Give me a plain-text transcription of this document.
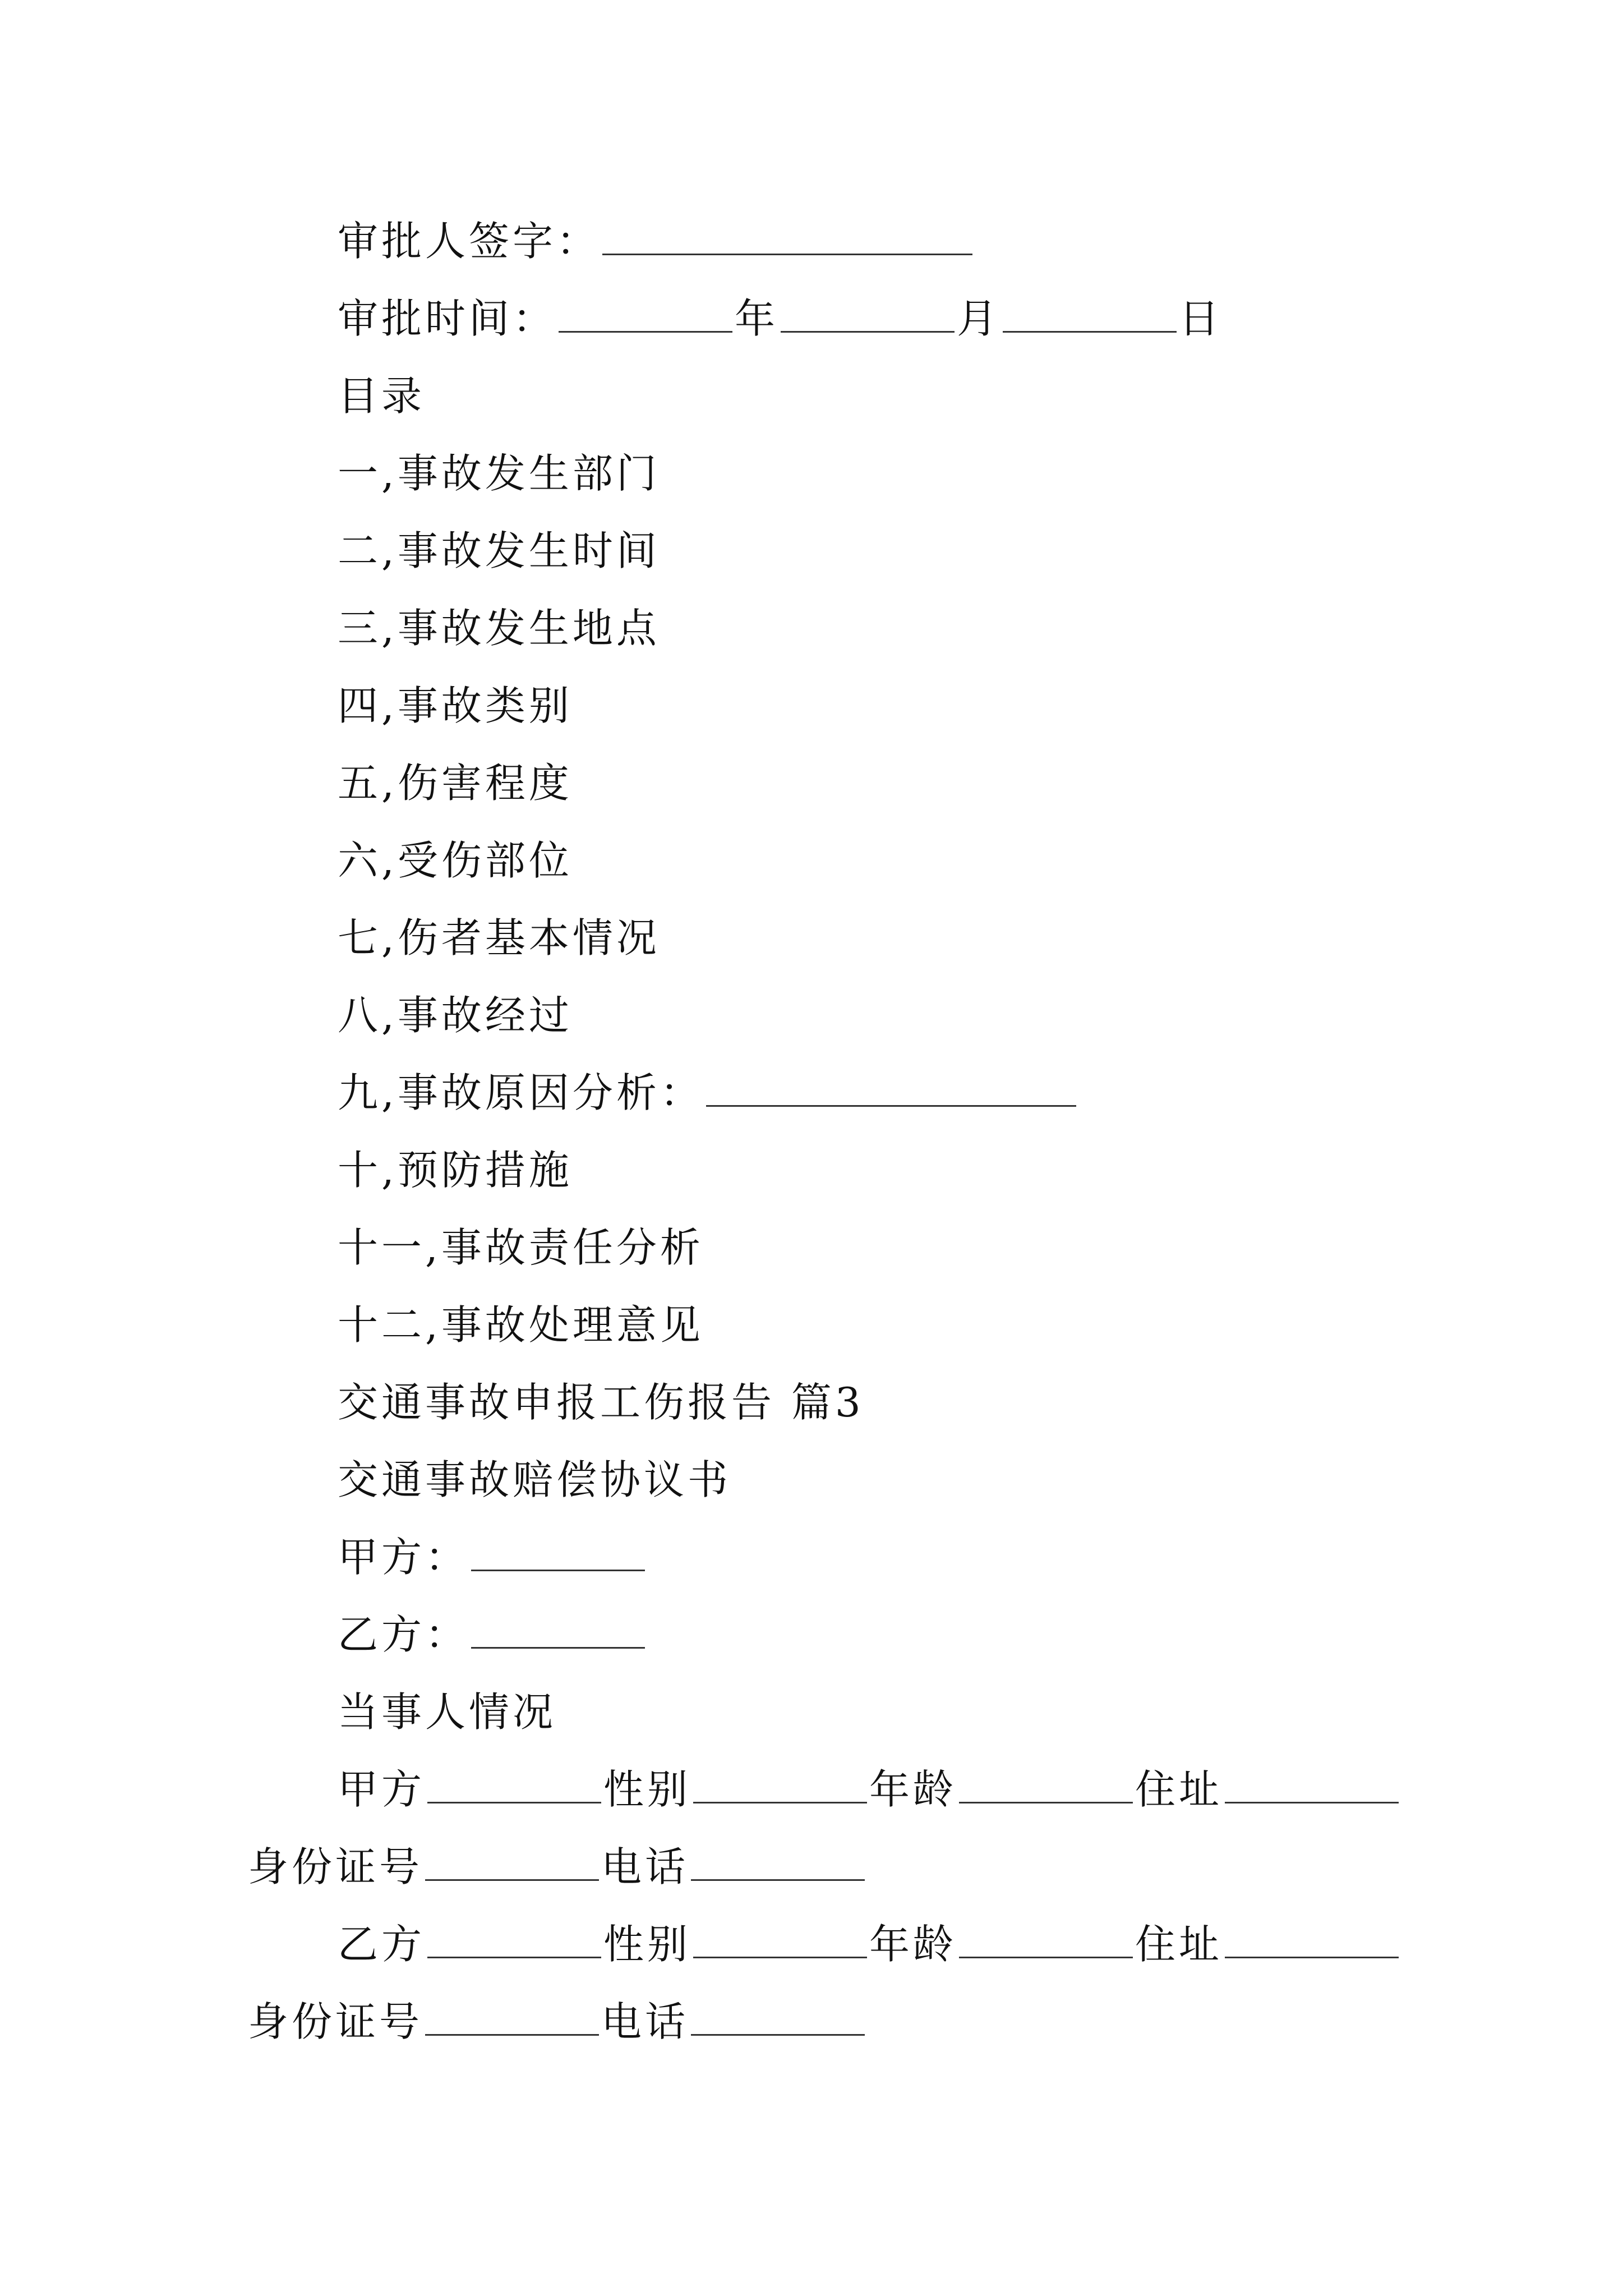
审批人签字：
审批时间：	年	月	日
目录
一,事故发生部门
二,事故发生时间
三,事故发生地点
四,事故类别
五,伤害程度
六,受伤部位
七,伤者基本情况
八,事故经过
九,事故原因分析：
十,预防措施
十一,事故责任分析
十二,事故处理意见
交通事故申报工伤报告 篇3
交通事故赔偿协议书
甲方：
乙方：
当事人情况
甲方	性别	年龄	住址
身份证号	电话
乙方	性别	年龄	住址
身份证号	电话
